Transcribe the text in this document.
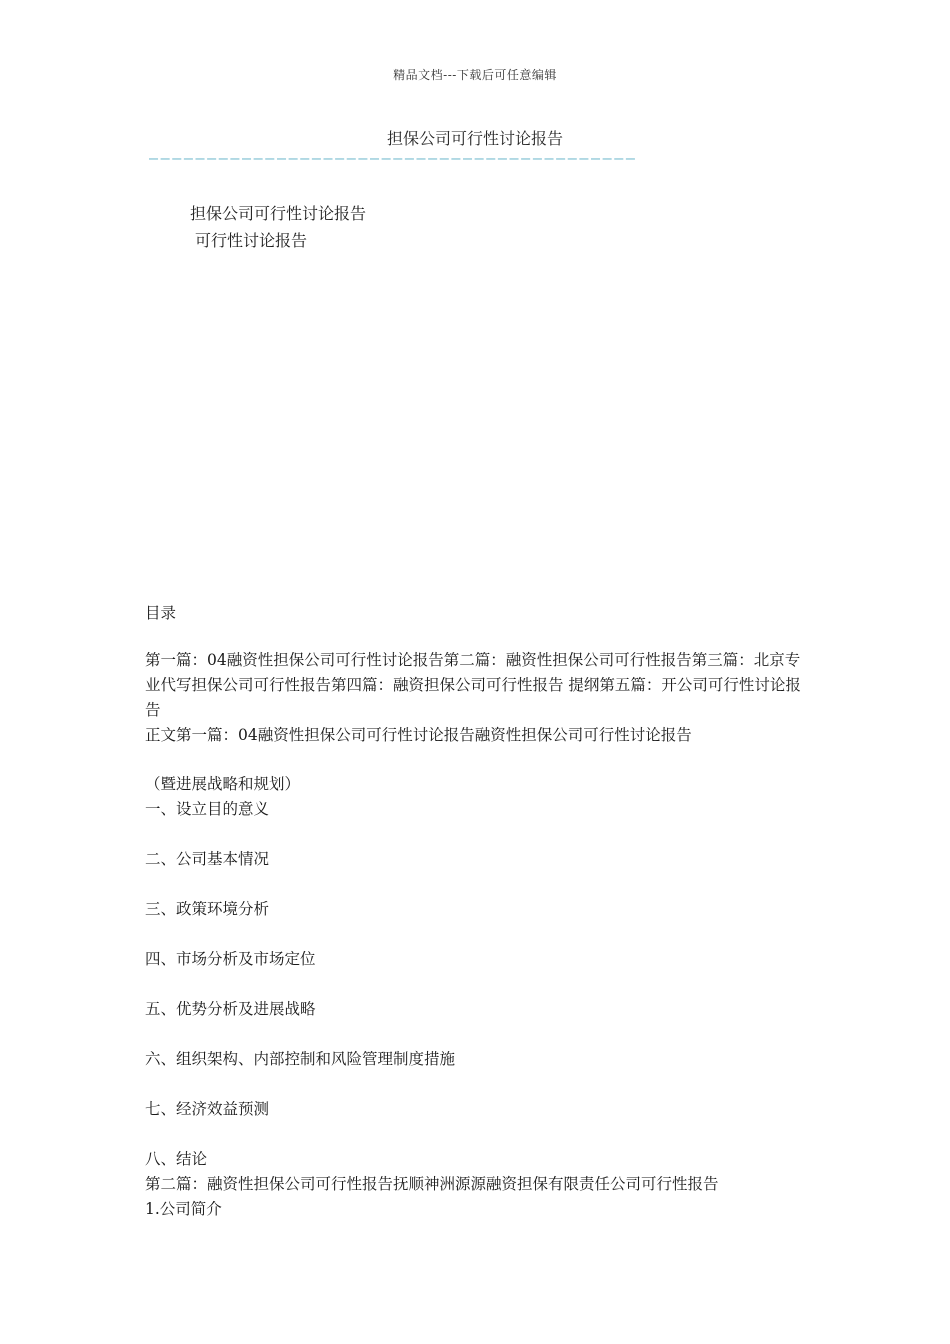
精品文档---下载后可任意编辑
担保公司可行性讨论报告
——————————————————————————————————————————
担保公司可行性讨论报告
可行性讨论报告
目录
第一篇：04融资性担保公司可行性讨论报告第二篇：融资性担保公司可行性报告第三篇：北京专业代写担保公司可行性报告第四篇：融资担保公司可行性报告 提纲第五篇：开公司可行性讨论报告
正文第一篇：04融资性担保公司可行性讨论报告融资性担保公司可行性讨论报告
（暨进展战略和规划）
一、设立目的意义
二、公司基本情况
三、政策环境分析
四、市场分析及市场定位
五、优势分析及进展战略
六、组织架构、内部控制和风险管理制度措施
七、经济效益预测
八、结论
第二篇：融资性担保公司可行性报告抚顺神洲源源融资担保有限责任公司可行性报告
1.公司简介
